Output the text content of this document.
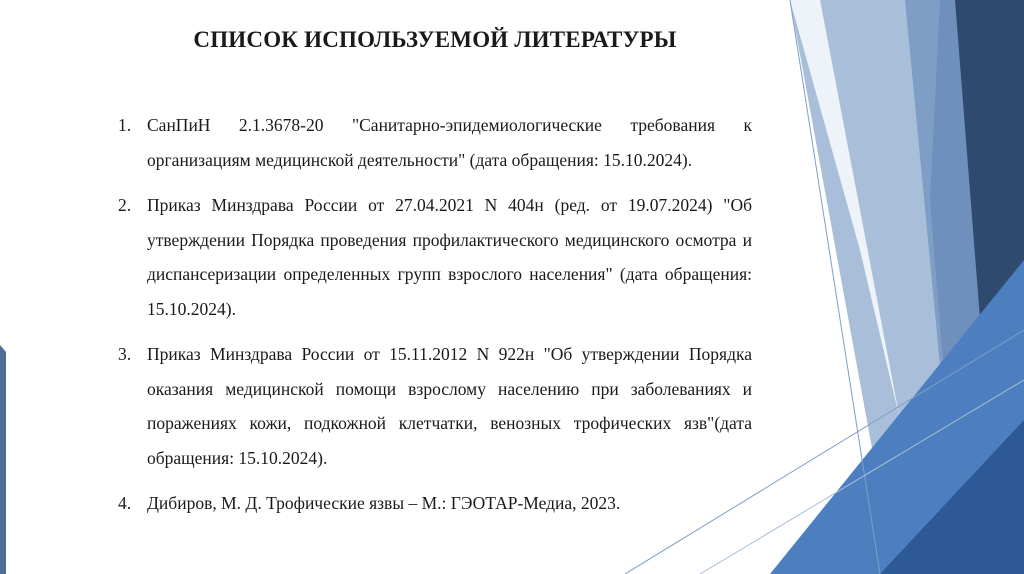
СПИСОК ИСПОЛЬЗУЕМОЙ ЛИТЕРАТУРЫ
1. СанПиН 2.1.3678-20 "Санитарно-эпидемиологические требования к организациям медицинской деятельности" (дата обращения: 15.10.2024).
2. Приказ Минздрава России от 27.04.2021 N 404н (ред. от 19.07.2024) "Об утверждении Порядка проведения профилактического медицинского осмотра и диспансеризации определенных групп взрослого населения" (дата обращения: 15.10.2024).
3. Приказ Минздрава России от 15.11.2012 N 922н "Об утверждении Порядка оказания медицинской помощи взрослому населению при заболеваниях и поражениях кожи, подкожной клетчатки, венозных трофических язв"(дата обращения: 15.10.2024).
4. Дибиров, М. Д. Трофические язвы – М.: ГЭОТАР-Медиа, 2023.
